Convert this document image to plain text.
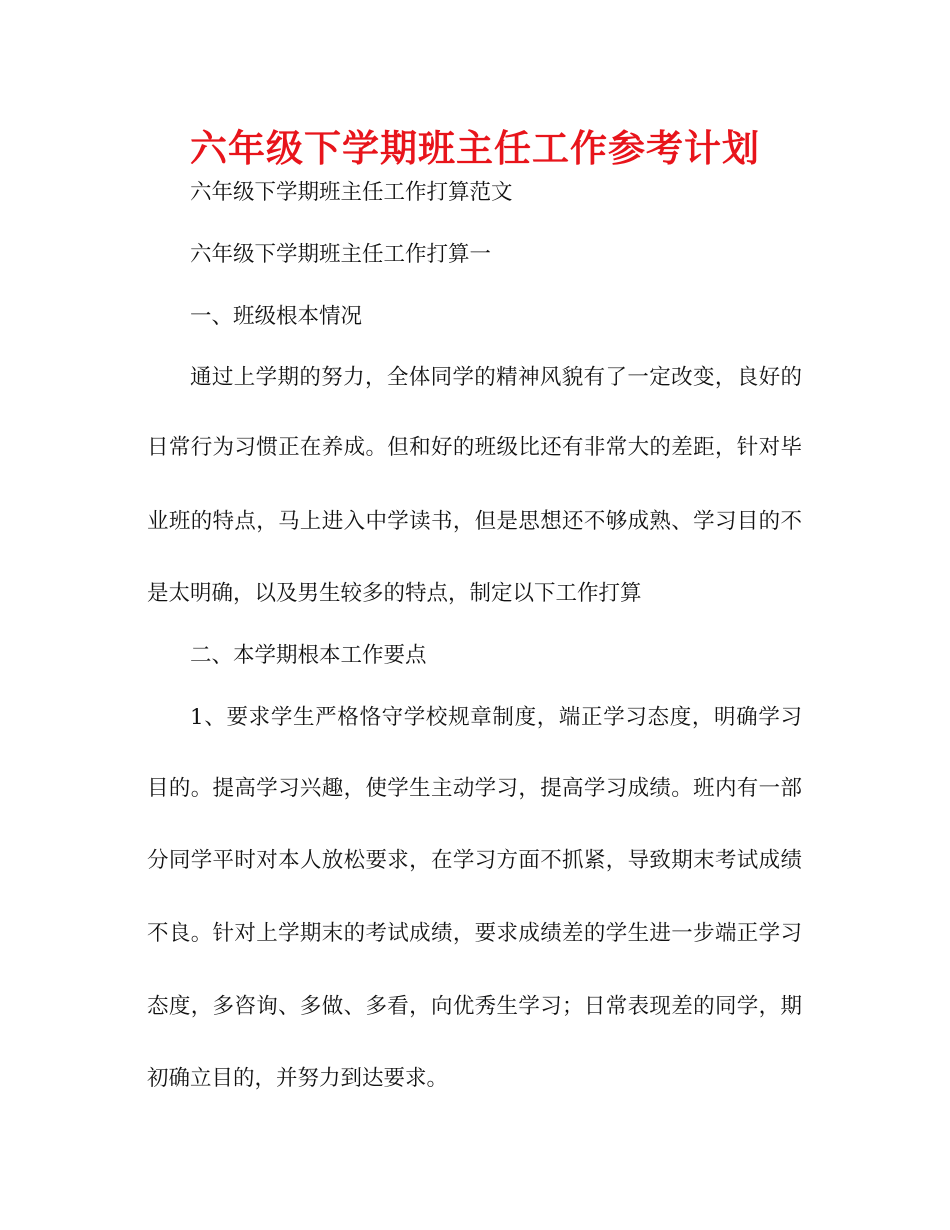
六年级下学期班主任工作参考计划
六年级下学期班主任工作打算范文
六年级下学期班主任工作打算一
一、班级根本情况
通过上学期的努力，全体同学的精神风貌有了一定改变，良好的
日常行为习惯正在养成。但和好的班级比还有非常大的差距，针对毕
业班的特点，马上进入中学读书，但是思想还不够成熟、学习目的不
是太明确，以及男生较多的特点，制定以下工作打算
二、本学期根本工作要点
1、要求学生严格恪守学校规章制度，端正学习态度，明确学习
目的。提高学习兴趣，使学生主动学习，提高学习成绩。班内有一部
分同学平时对本人放松要求，在学习方面不抓紧，导致期末考试成绩
不良。针对上学期末的考试成绩，要求成绩差的学生进一步端正学习
态度，多咨询、多做、多看，向优秀生学习；日常表现差的同学，期
初确立目的，并努力到达要求。
